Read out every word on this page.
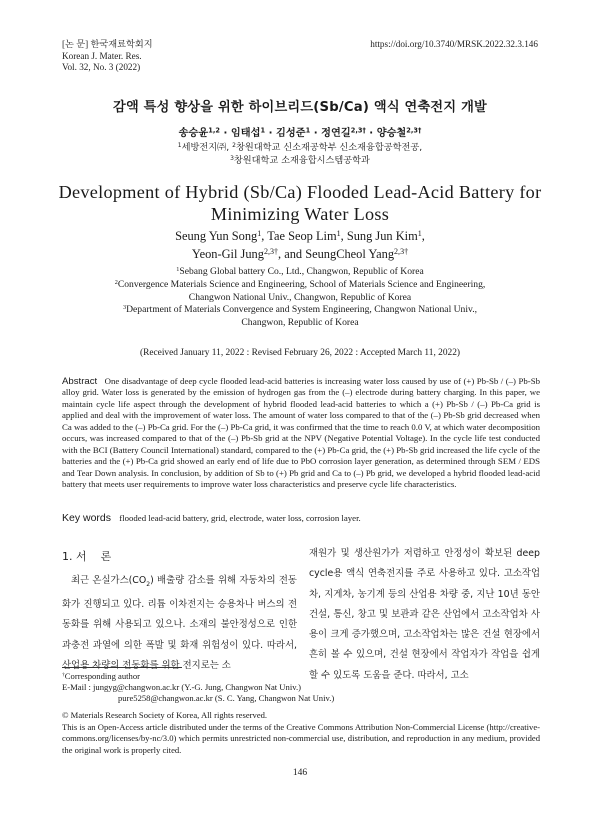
[논 문] 한국재료학회지
Korean J. Mater. Res.
Vol. 32, No. 3 (2022)
https://doi.org/10.3740/MRSK.2022.32.3.146
감액 특성 향상을 위한 하이브리드(Sb/Ca) 액식 연축전지 개발
송승윤$^{1,2}$ · 임태섭$^1$ · 김성준$^1$ · 정연길$^{2,3\dagger}$ · 양승철$^{2,3\dagger}$
$^1$세방전지㈜, $^2$창원대학교 신소재공학부 신소재융합공학전공,
$^3$창원대학교 소재융합시스템공학과
Development of Hybrid (Sb/Ca) Flooded Lead-Acid Battery for
Minimizing Water Loss
Seung Yun Song$^1$, Tae Seop Lim$^1$, Sung Jun Kim$^1$,
Yeon-Gil Jung$^{2,3\dagger}$, and SeungCheol Yang$^{2,3\dagger}$
$^1$Sebang Global battery Co., Ltd., Changwon, Republic of Korea
$^2$Convergence Materials Science and Engineering, School of Materials Science and Engineering,
Changwon National Univ., Changwon, Republic of Korea
$^3$Department of Materials Convergence and System Engineering, Changwon National Univ.,
Changwon, Republic of Korea
(Received January 11, 2022 : Revised February 26, 2022 : Accepted March 11, 2022)
Abstract One disadvantage of deep cycle flooded lead-acid batteries is increasing water loss caused by use of (+) Pb-Sb / (–) Pb-Sb alloy grid. Water loss is generated by the emission of hydrogen gas from the (–) electrode during battery charging. In this paper, we maintain cycle life aspect through the development of hybrid flooded lead-acid batteries to which a (+) Pb-Sb / (–) Pb-Ca grid is applied and deal with the improvement of water loss. The amount of water loss compared to that of the (–) Pb-Sb grid decreased when Ca was added to the (–) Pb-Ca grid. For the (–) Pb-Ca grid, it was confirmed that the time to reach 0.0 V, at which water decomposition occurs, was increased compared to that of the (–) Pb-Sb grid at the NPV (Negative Potential Voltage). In the cycle life test conducted with the BCI (Battery Council International) standard, compared to the (+) Pb-Ca grid, the (+) Pb-Sb grid increased the life cycle of the batteries and the (+) Pb-Ca grid showed an early end of life due to PbO corrosion layer generation, as determined through SEM / EDS and Tear Down analysis. In conclusion, by addition of Sb to (+) Pb grid and Ca to (–) Pb grid, we developed a hybrid flooded lead-acid battery that meets user requirements to improve water loss characteristics and preserve cycle life characteristics.
Key words flooded lead-acid battery, grid, electrode, water loss, corrosion layer.
1. 서    론
최근 온실가스$(CO_2)$ 배출량 감소를 위해 자동차의 전동화가 진행되고 있다. 리튬 이차전지는 승용차나 버스의 전동화를 위해 사용되고 있으나. 소재의 불안정성으로 인한 과충전 과열에 의한 폭발 및 화재 위험성이 있다. 따라서, 산업용 차량의 전동화를 위한 전지로는 소
재원가 및 생산원가가 저렴하고 안정성이 확보된 deep cycle용 액식 연축전지를 주로 사용하고 있다. 고소작업차, 지게차, 농기계 등의 산업용 차량 중, 지난 10년 동안 건설, 통신, 창고 및 보관과 같은 산업에서 고소작업차 사용이 크게 증가했으며, 고소작업차는 많은 건설 현장에서 흔히 볼 수 있으며, 건설 현장에서 작업자가 작업을 쉽게 할 수 있도록 도움을 준다. 따라서, 고소
†Corresponding author
E-Mail : jungyg@changwon.ac.kr (Y.-G. Jung, Changwon Nat Univ.)
pure5258@changwon.ac.kr (S. C. Yang, Changwon Nat Univ.)
© Materials Research Society of Korea, All rights reserved.
This is an Open-Access article distributed under the terms of the Creative Commons Attribution Non-Commercial License (http://creative-commons.org/licenses/by-nc/3.0) which permits unrestricted non-commercial use, distribution, and reproduction in any medium, provided the original work is properly cited.
146
